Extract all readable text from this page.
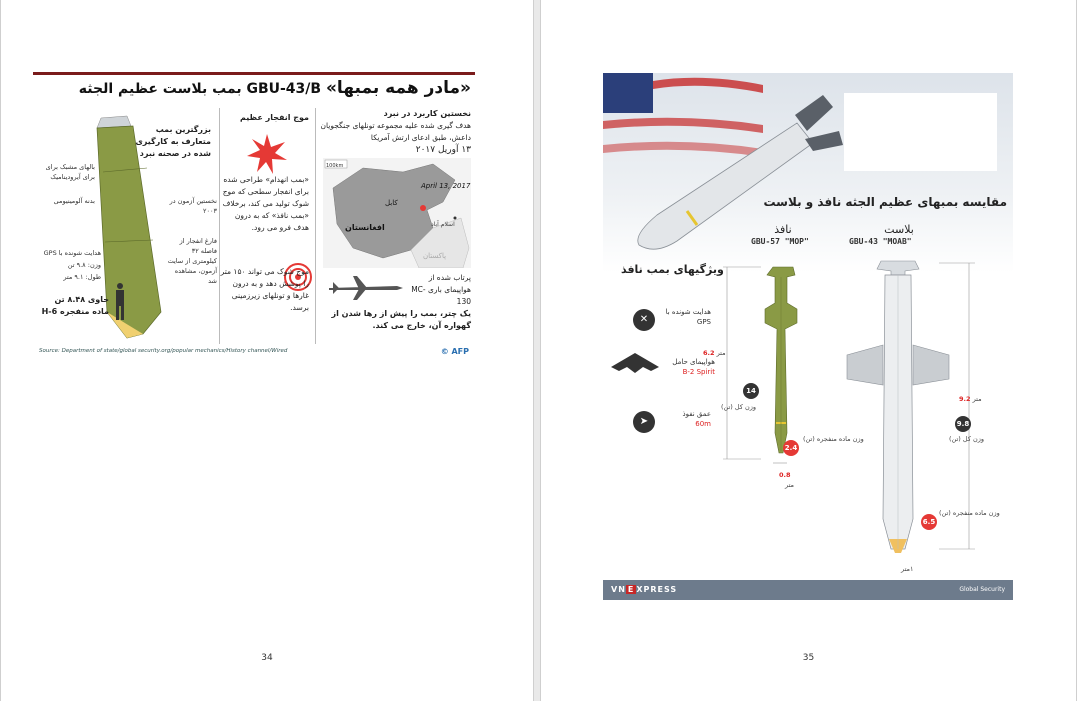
«مادر همه بمبها» GBU-43/B بمب بلاست عظیم الجثه
نخستین کاربرد در نبرد
هدف گیری شده علیه مجموعه تونلهای جنگجویان داعش، طبق ادعای ارتش آمریکا
۱۳ آوریل ۲۰۱۷
100km
April 13, 2017
کابل
افغانستان	اسلام آباد
پاکستان
پرتاب شده از هواپیمای باری MC-130
یک چتر، بمب را پیش از رها شدن از گهواره آن، خارج می کند.
موج انفجار عظیم
«بمب انهدام» طراحی شده برای انفجار سطحی که موج شوک تولید می کند، برخلاف «بمب نافذ» که به درون هدف فرو می رود.
موج شوک می تواند ۱۵۰ متر را پوشش دهد و به درون غارها و تونلهای زیرزمینی برسد.
بزرگترین بمب متعارف به کارگیری شده در صحنه نبرد
بالهای مشبک برای برای آیرودینامیک
بدنه آلومینیومی	نخستین آزمون در ۲۰۰۳
فارغ انفجار از فاصله ۳۲ کیلومتری از سایت آزمون، مشاهده شد
هدایت شونده با GPS
وزن: ۹.۸ تن
طول: ۹.۱ متر
حاوی ۸.۴۸ تن ماده منفجره H-6
Source: Department of state/global security.org/popular mechanics/History channel/Wired	© AFP
34
مقایسه بمبهای عظیم الجثه نافذ و بلاست
نافذ
GBU-57 "MOP"
بلاست
GBU-43 "MOAB"
ویژگیهای بمب نافذ
✕
هدایت شونده با GPS
هواپیمای حامل
B-2 Spirit
➤
عمق نفوذ
60m
متر 6.2
14
وزن کل (تن)
2.4
وزن ماده منفجره (تن)
0.8
متر
متر 9.2
9.8
وزن کل (تن)
6.5
وزن ماده منفجره (تن)
۱متر
VN E XPRESS	Global Security
35
